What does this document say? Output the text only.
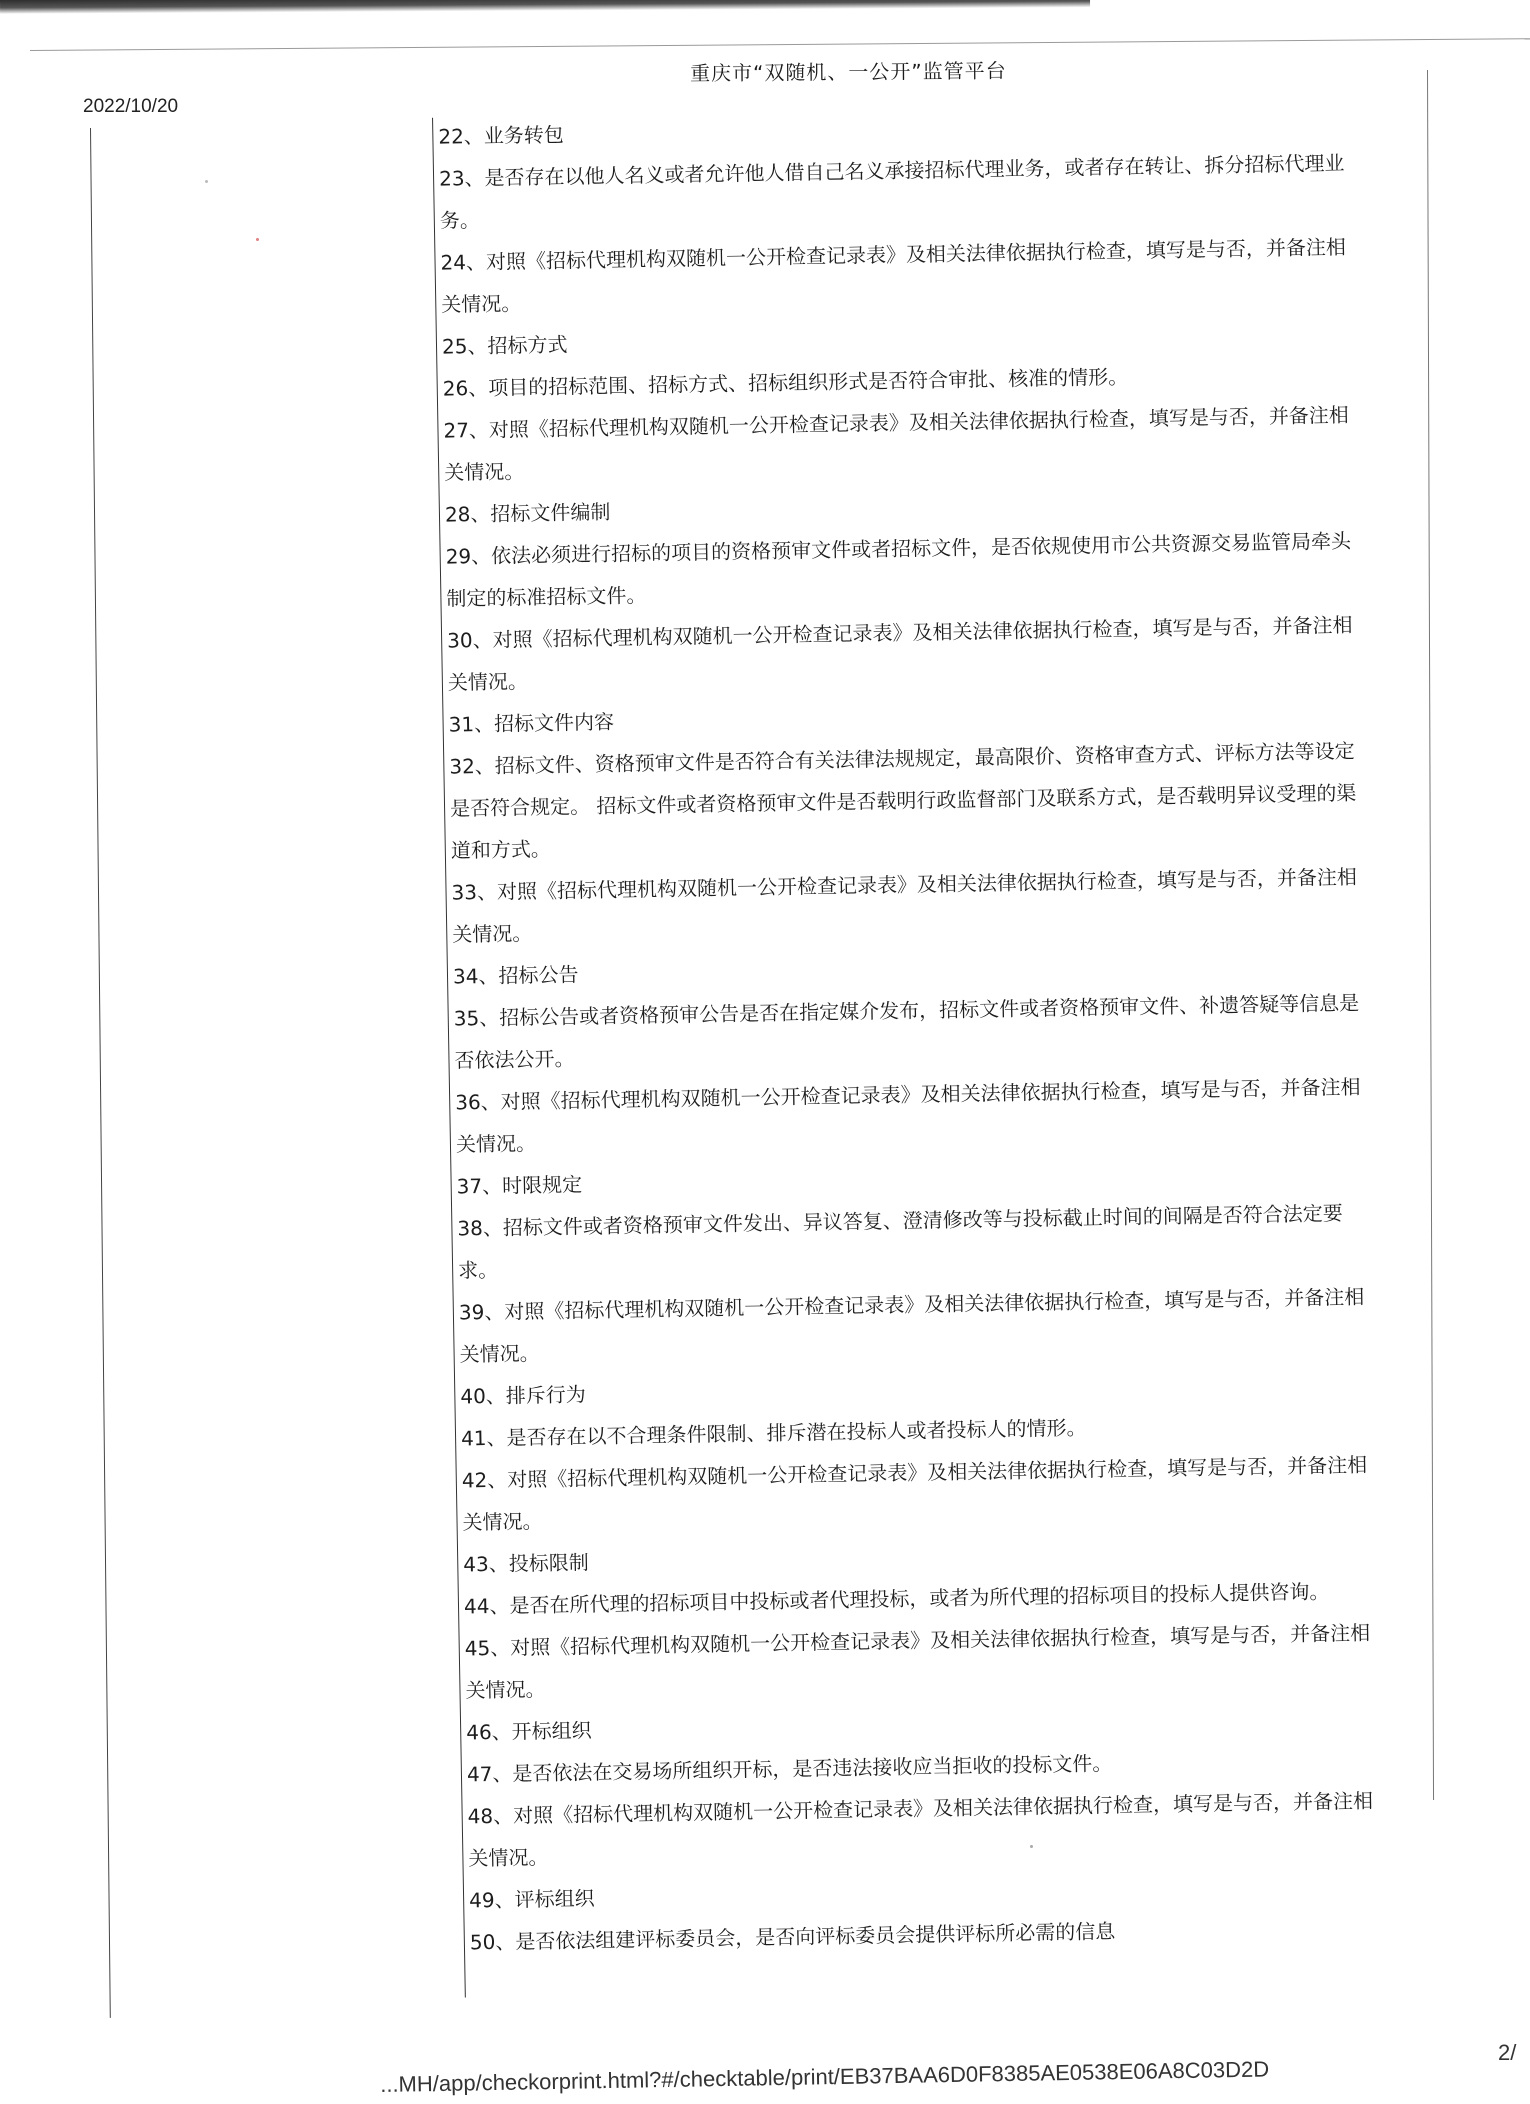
重庆市“双随机、一公开”监管平台
2022/10/20
22、业务转包
23、是否存在以他人名义或者允许他人借自己名义承接招标代理业务，或者存在转让、拆分招标代理业
务。
24、对照《招标代理机构双随机一公开检查记录表》及相关法律依据执行检查，填写是与否，并备注相
关情况。
25、招标方式
26、项目的招标范围、招标方式、招标组织形式是否符合审批、核准的情形。
27、对照《招标代理机构双随机一公开检查记录表》及相关法律依据执行检查，填写是与否，并备注相
关情况。
28、招标文件编制
29、依法必须进行招标的项目的资格预审文件或者招标文件，是否依规使用市公共资源交易监管局牵头
制定的标准招标文件。
30、对照《招标代理机构双随机一公开检查记录表》及相关法律依据执行检查，填写是与否，并备注相
关情况。
31、招标文件内容
32、招标文件、资格预审文件是否符合有关法律法规规定，最高限价、资格审查方式、评标方法等设定
是否符合规定。 招标文件或者资格预审文件是否载明行政监督部门及联系方式，是否载明异议受理的渠
道和方式。
33、对照《招标代理机构双随机一公开检查记录表》及相关法律依据执行检查，填写是与否，并备注相
关情况。
34、招标公告
35、招标公告或者资格预审公告是否在指定媒介发布，招标文件或者资格预审文件、补遗答疑等信息是
否依法公开。
36、对照《招标代理机构双随机一公开检查记录表》及相关法律依据执行检查，填写是与否，并备注相
关情况。
37、时限规定
38、招标文件或者资格预审文件发出、异议答复、澄清修改等与投标截止时间的间隔是否符合法定要
求。
39、对照《招标代理机构双随机一公开检查记录表》及相关法律依据执行检查，填写是与否，并备注相
关情况。
40、排斥行为
41、是否存在以不合理条件限制、排斥潜在投标人或者投标人的情形。
42、对照《招标代理机构双随机一公开检查记录表》及相关法律依据执行检查，填写是与否，并备注相
关情况。
43、投标限制
44、是否在所代理的招标项目中投标或者代理投标，或者为所代理的招标项目的投标人提供咨询。
45、对照《招标代理机构双随机一公开检查记录表》及相关法律依据执行检查，填写是与否，并备注相
关情况。
46、开标组织
47、是否依法在交易场所组织开标，是否违法接收应当拒收的投标文件。
48、对照《招标代理机构双随机一公开检查记录表》及相关法律依据执行检查，填写是与否，并备注相
关情况。
49、评标组织
50、是否依法组建评标委员会，是否向评标委员会提供评标所必需的信息
...MH/app/checkorprint.html?#/checktable/print/EB37BAA6D0F8385AE0538E06A8C03D2D
2/
